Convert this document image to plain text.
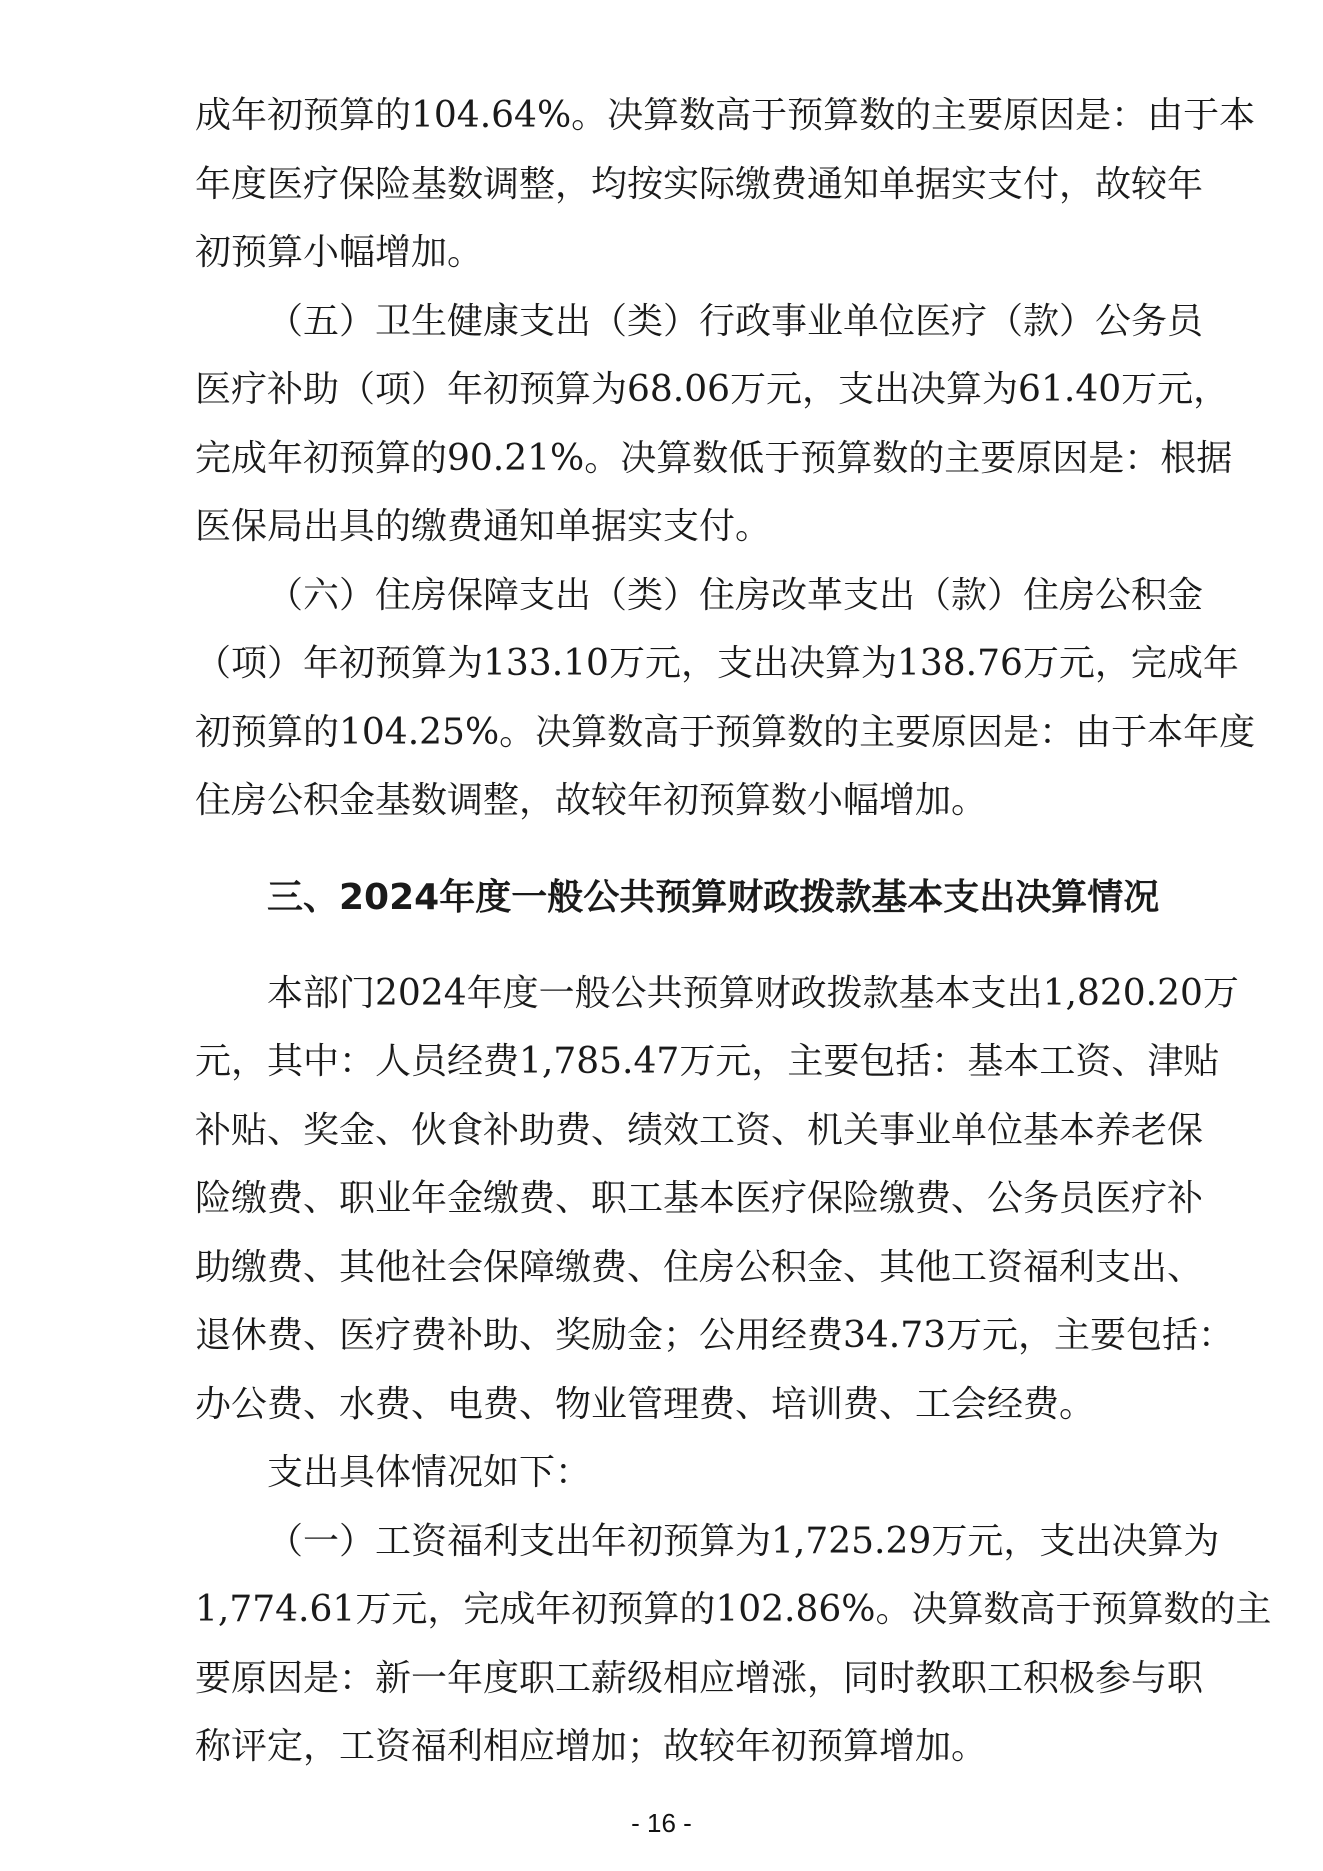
成年初预算的104.64%。决算数高于预算数的主要原因是：由于本
年度医疗保险基数调整，均按实际缴费通知单据实支付，故较年
初预算小幅增加。
（五）卫生健康支出（类）行政事业单位医疗（款）公务员
医疗补助（项）年初预算为68.06万元，支出决算为61.40万元，
完成年初预算的90.21%。决算数低于预算数的主要原因是：根据
医保局出具的缴费通知单据实支付。
（六）住房保障支出（类）住房改革支出（款）住房公积金
（项）年初预算为133.10万元，支出决算为138.76万元，完成年
初预算的104.25%。决算数高于预算数的主要原因是：由于本年度
住房公积金基数调整，故较年初预算数小幅增加。
三、2024年度一般公共预算财政拨款基本支出决算情况
本部门2024年度一般公共预算财政拨款基本支出1,820.20万
元，其中：人员经费1,785.47万元，主要包括：基本工资、津贴
补贴、奖金、伙食补助费、绩效工资、机关事业单位基本养老保
险缴费、职业年金缴费、职工基本医疗保险缴费、公务员医疗补
助缴费、其他社会保障缴费、住房公积金、其他工资福利支出、
退休费、医疗费补助、奖励金；公用经费34.73万元，主要包括：
办公费、水费、电费、物业管理费、培训费、工会经费。
支出具体情况如下：
（一）工资福利支出年初预算为1,725.29万元，支出决算为
1,774.61万元，完成年初预算的102.86%。决算数高于预算数的主
要原因是：新一年度职工薪级相应增涨，同时教职工积极参与职
称评定，工资福利相应增加；故较年初预算增加。
- 16 -
